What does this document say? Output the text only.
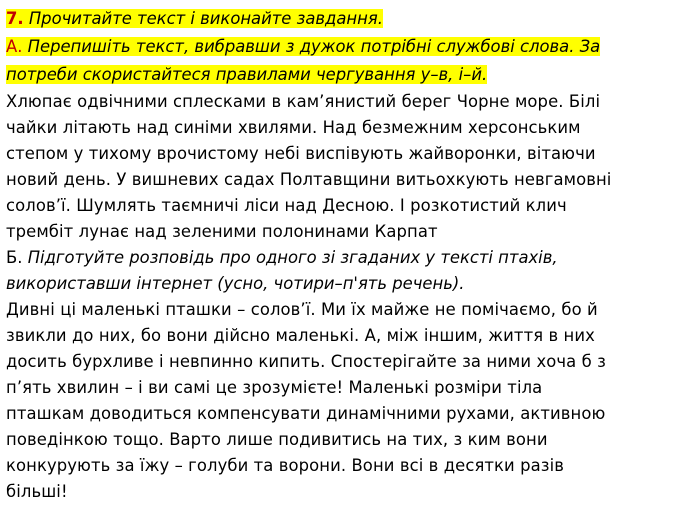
7. Прочитайте текст і виконайте завдання.
А. Перепишіть текст, вибравши з дужок потрібні службові слова. За
потреби скористайтеся правилами чергування у–в, і–й.
Хлюпає одвічними сплесками в кам’янистий берег Чорне море. Білі
чайки літають над синіми хвилями. Над безмежним херсонським
степом у тихому врочистому небі виспівують жайворонки, вітаючи
новий день. У вишневих садах Полтавщини витьохкують невгамовні
солов’ї. Шумлять таємничі ліси над Десною. І розкотистий клич
трембіт лунає над зеленими полонинами Карпат
Б. Підготуйте розповідь про одного зі згаданих у тексті птахів,
використавши інтернет (усно, чотири–п'ять речень).
Дивні ці маленькі пташки – солов’ї. Ми їх майже не помічаємо, бо й
звикли до них, бо вони дійсно маленькі. А, між іншим, життя в них
досить бурхливе і невпинно кипить. Спостерігайте за ними хоча б з
п’ять хвилин – і ви самі це зрозумієте! Маленькі розміри тіла
пташкам доводиться компенсувати динамічними рухами, активною
поведінкою тощо. Варто лише подивитись на тих, з ким вони
конкурують за їжу – голуби та ворони. Вони всі в десятки разів
більші!
